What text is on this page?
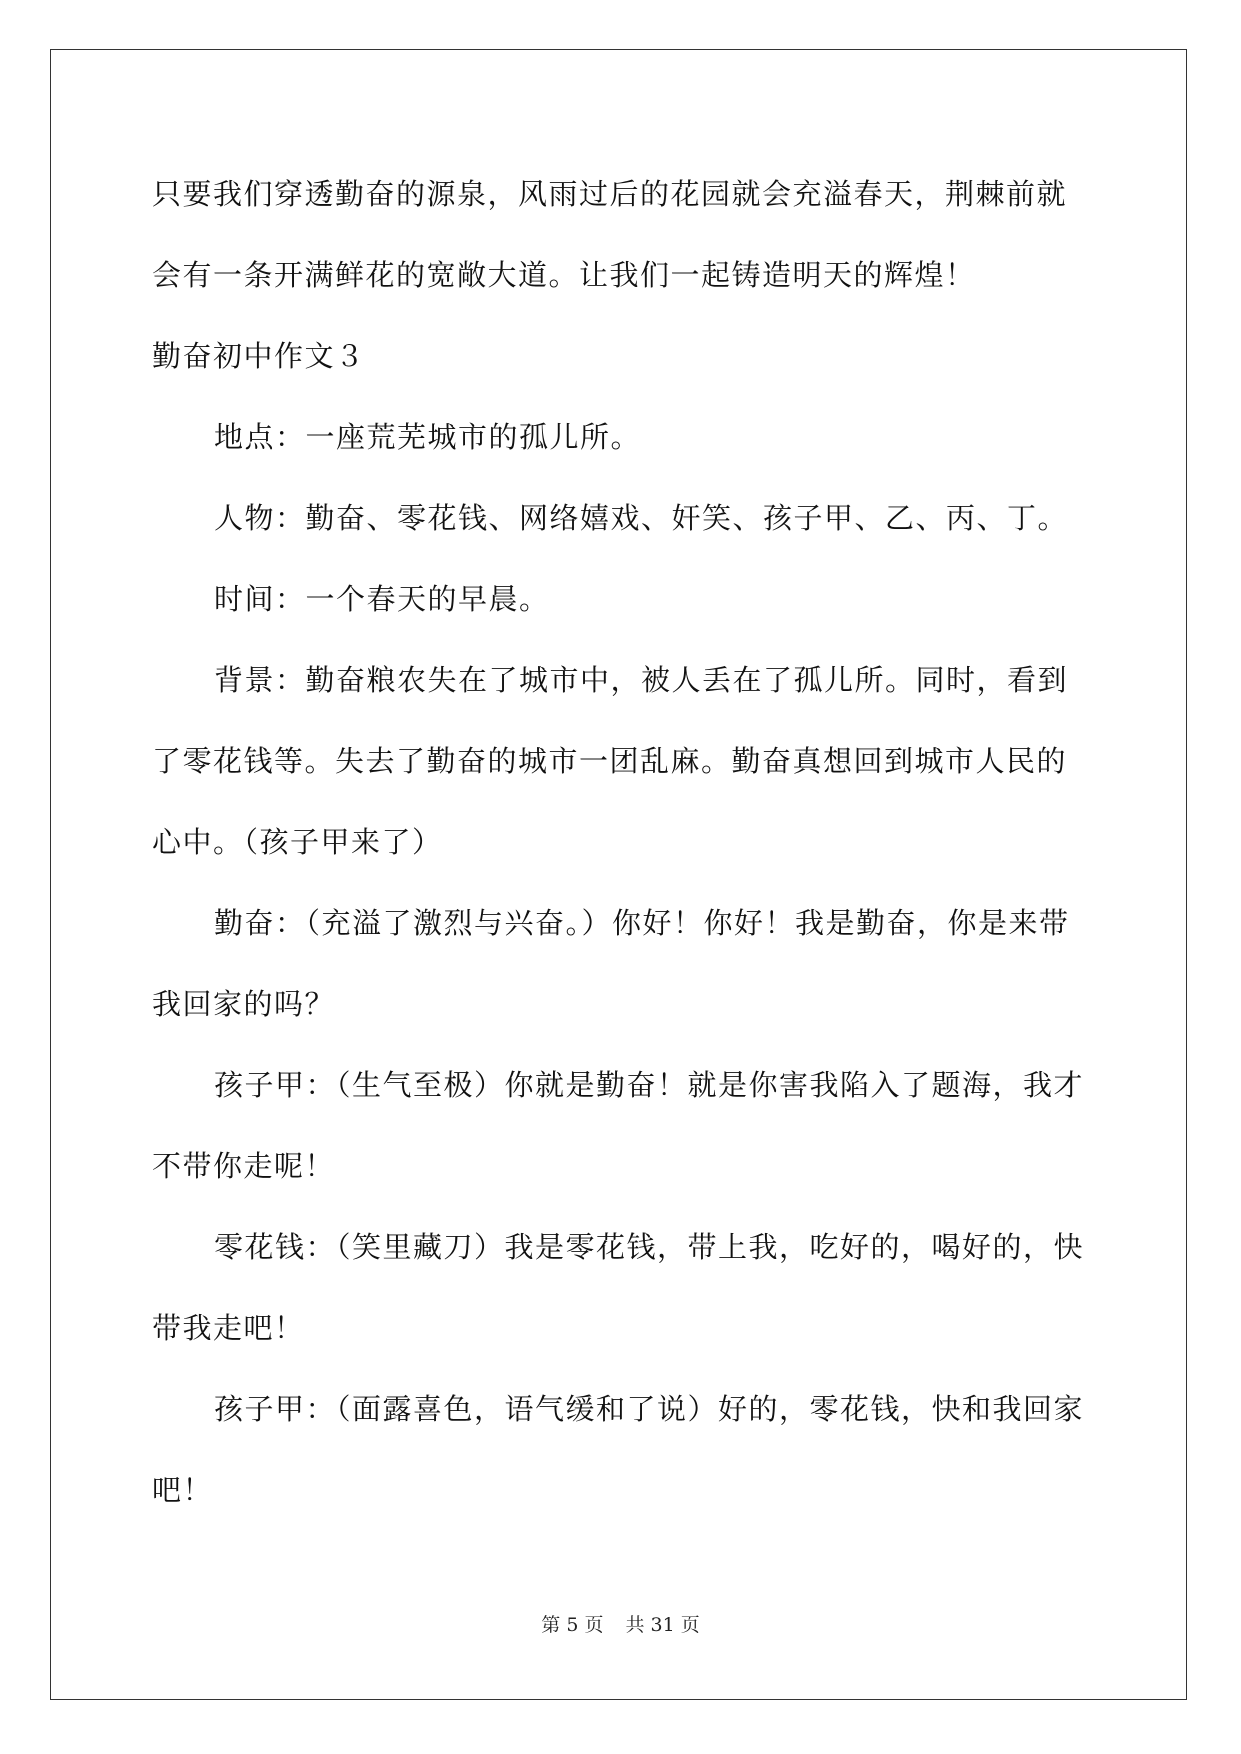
只要我们穿透勤奋的源泉，风雨过后的花园就会充溢春天，荆棘前就

会有一条开满鲜花的宽敞大道。让我们一起铸造明天的辉煌！

勤奋初中作文３

地点：一座荒芜城市的孤儿所。

人物：勤奋、零花钱、网络嬉戏、奸笑、孩子甲、乙、丙、丁。

时间：一个春天的早晨。

背景：勤奋粮农失在了城市中，被人丢在了孤儿所。同时，看到

了零花钱等。失去了勤奋的城市一团乱麻。勤奋真想回到城市人民的

心中。（孩子甲来了）

勤奋：（充溢了激烈与兴奋。）你好！你好！我是勤奋，你是来带

我回家的吗？

孩子甲：（生气至极）你就是勤奋！就是你害我陷入了题海，我才

不带你走呢！

零花钱：（笑里藏刀）我是零花钱，带上我，吃好的，喝好的，快

带我走吧！

孩子甲：（面露喜色，语气缓和了说）好的，零花钱，快和我回家

吧！

第 5 页 共 31 页
